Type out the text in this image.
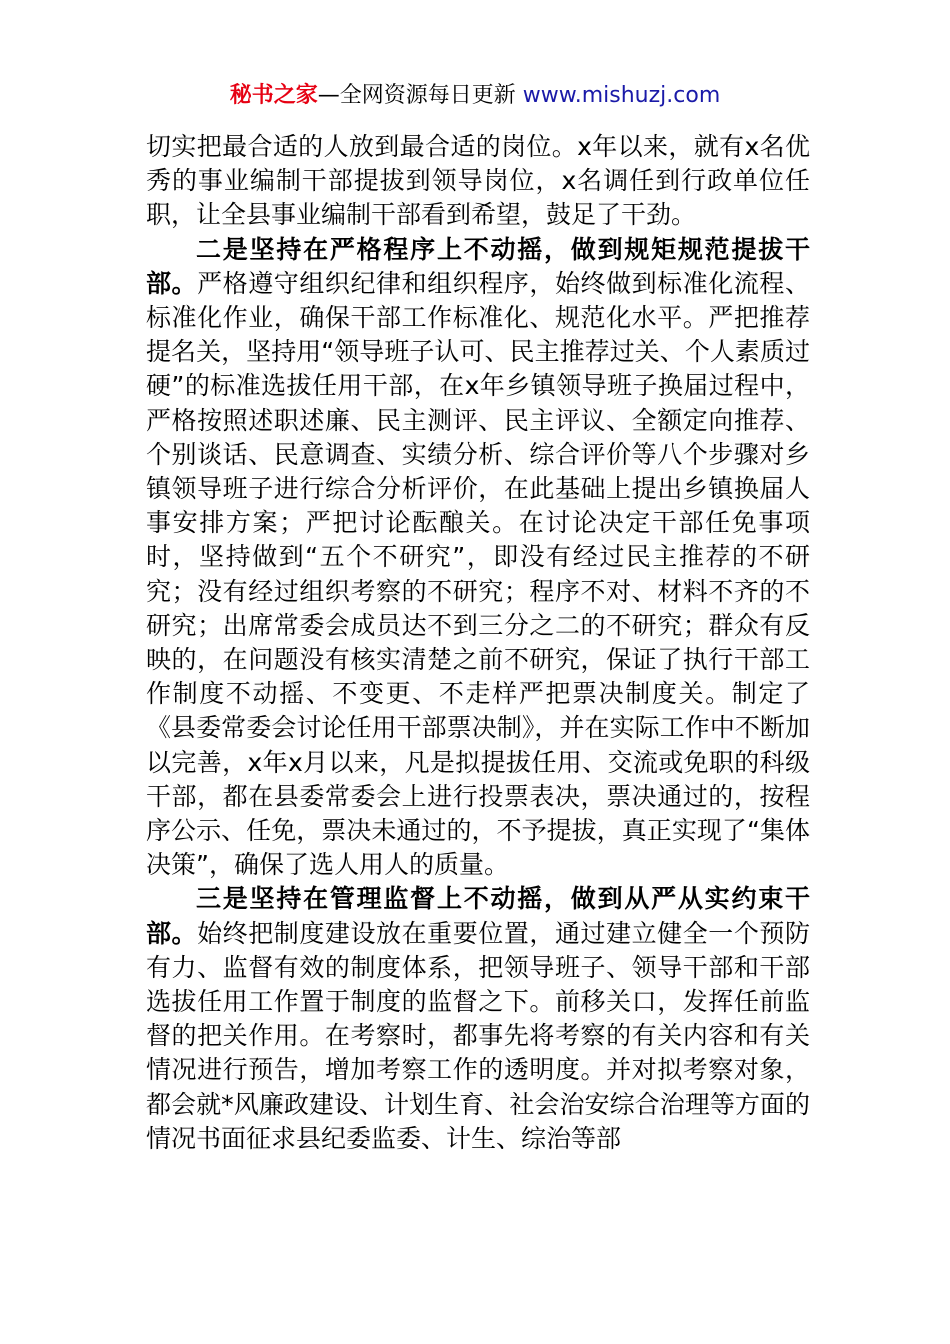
秘书之家—全网资源每日更新 www.mishuzj.com

切实把最合适的人放到最合适的岗位。x年以来，就有x名优秀的事业编制干部提拔到领导岗位，x名调任到行政单位任职，让全县事业编制干部看到希望，鼓足了干劲。

二是坚持在严格程序上不动摇，做到规矩规范提拔干部。严格遵守组织纪律和组织程序，始终做到标准化流程、标准化作业，确保干部工作标准化、规范化水平。严把推荐提名关，坚持用“领导班子认可、民主推荐过关、个人素质过硬”的标准选拔任用干部，在x年乡镇领导班子换届过程中，严格按照述职述廉、民主测评、民主评议、全额定向推荐、个别谈话、民意调查、实绩分析、综合评价等八个步骤对乡镇领导班子进行综合分析评价，在此基础上提出乡镇换届人事安排方案；严把讨论酝酿关。在讨论决定干部任免事项时，坚持做到“五个不研究”，即没有经过民主推荐的不研究；没有经过组织考察的不研究；程序不对、材料不齐的不研究；出席常委会成员达不到三分之二的不研究；群众有反映的，在问题没有核实清楚之前不研究，保证了执行干部工作制度不动摇、不变更、不走样严把票决制度关。制定了《县委常委会讨论任用干部票决制》，并在实际工作中不断加以完善，x年x月以来，凡是拟提拔任用、交流或免职的科级干部，都在县委常委会上进行投票表决，票决通过的，按程序公示、任免，票决未通过的，不予提拔，真正实现了“集体决策”，确保了选人用人的质量。

三是坚持在管理监督上不动摇，做到从严从实约束干部。始终把制度建设放在重要位置，通过建立健全一个预防有力、监督有效的制度体系，把领导班子、领导干部和干部选拔任用工作置于制度的监督之下。前移关口，发挥任前监督的把关作用。在考察时，都事先将考察的有关内容和有关情况进行预告，增加考察工作的透明度。并对拟考察对象，都会就*风廉政建设、计划生育、社会治安综合治理等方面的情况书面征求县纪委监委、计生、综治等部
